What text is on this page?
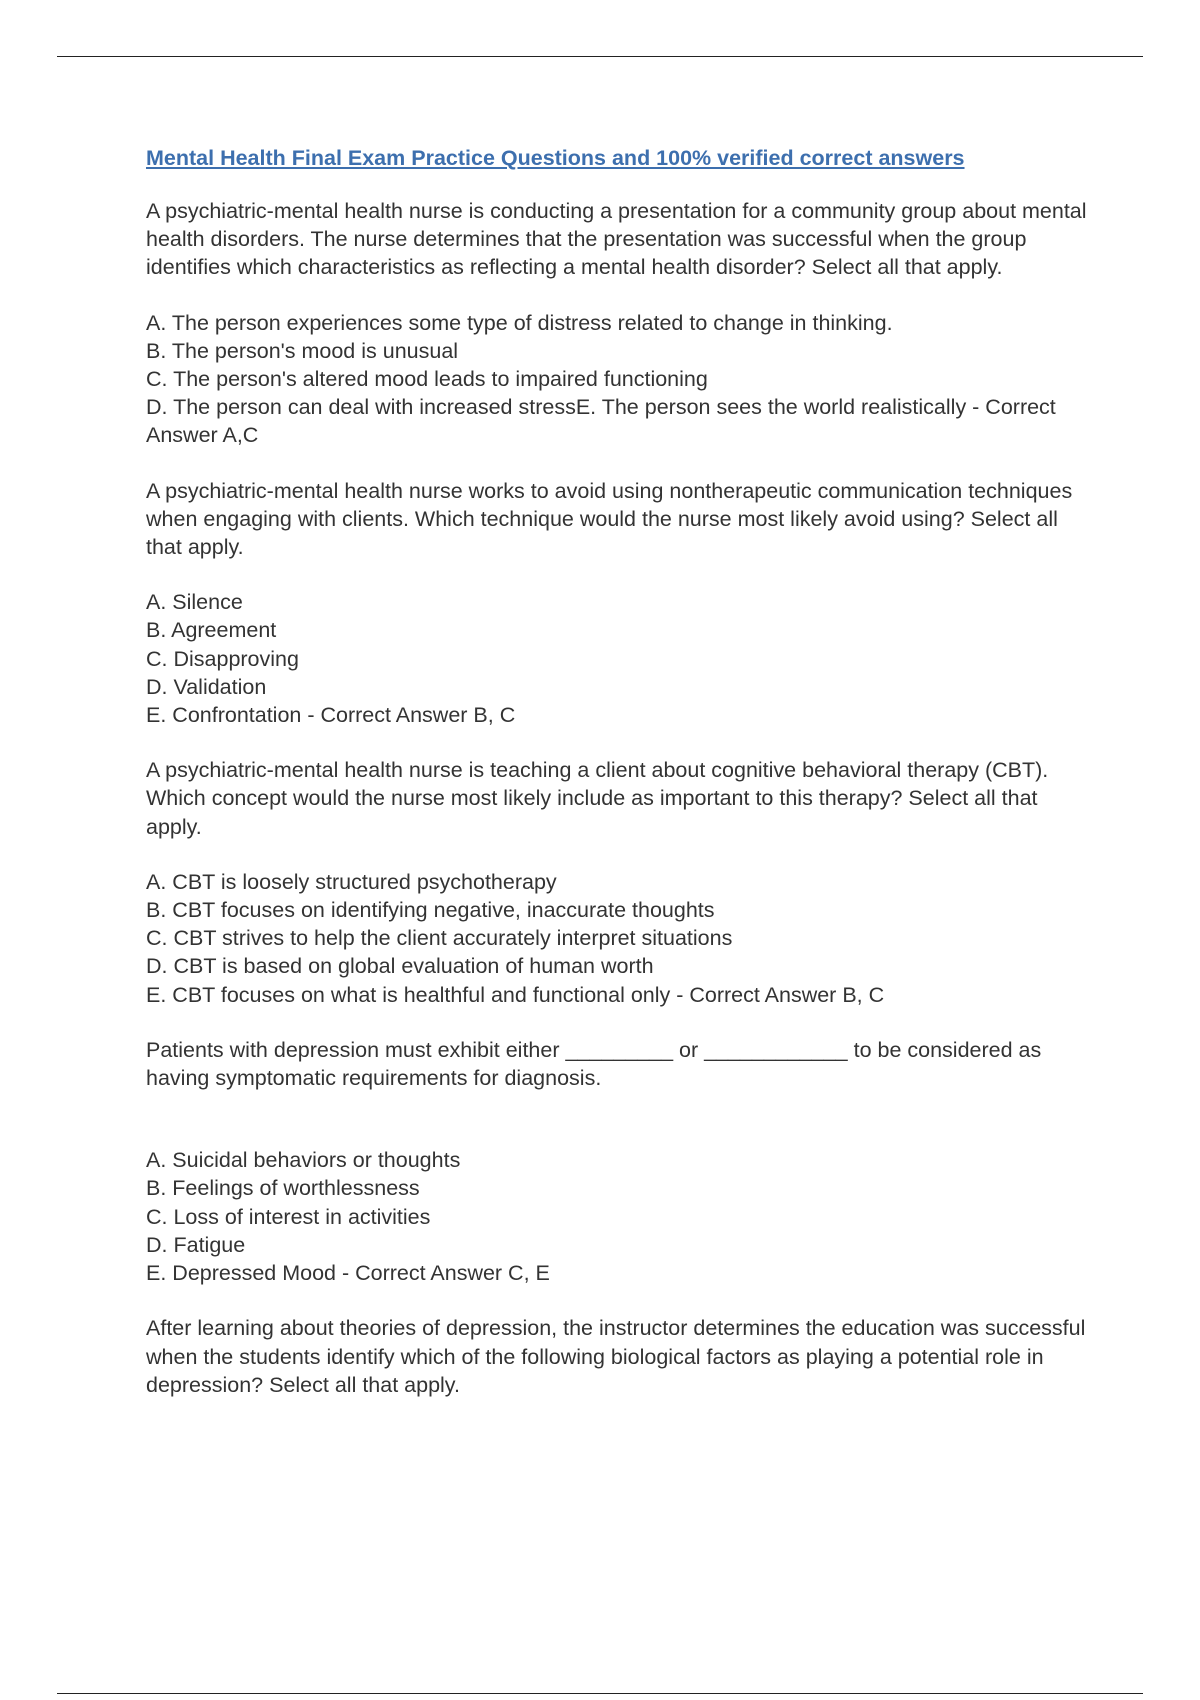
Mental Health Final Exam Practice Questions and 100% verified correct answers
A psychiatric-mental health nurse is conducting a presentation for a community group about mental health disorders. The nurse determines that the presentation was successful when the group identifies which characteristics as reflecting a mental health disorder? Select all that apply.
A. The person experiences some type of distress related to change in thinking.
B. The person's mood is unusual
C. The person's altered mood leads to impaired functioning
D. The person can deal with increased stressE. The person sees the world realistically - Correct Answer A,C
A psychiatric-mental health nurse works to avoid using nontherapeutic communication techniques when engaging with clients. Which technique would the nurse most likely avoid using? Select all that apply.
A. Silence
B. Agreement
C. Disapproving
D. Validation
E. Confrontation - Correct Answer B, C
A psychiatric-mental health nurse is teaching a client about cognitive behavioral therapy (CBT). Which concept would the nurse most likely include as important to this therapy? Select all that apply.
A. CBT is loosely structured psychotherapy
B. CBT focuses on identifying negative, inaccurate thoughts
C. CBT strives to help the client accurately interpret situations
D. CBT is based on global evaluation of human worth
E. CBT focuses on what is healthful and functional only - Correct Answer B, C
Patients with depression must exhibit either _________ or ____________ to be considered as having symptomatic requirements for diagnosis.
A. Suicidal behaviors or thoughts
B. Feelings of worthlessness
C. Loss of interest in activities
D. Fatigue
E. Depressed Mood - Correct Answer C, E
After learning about theories of depression, the instructor determines the education was successful when the students identify which of the following biological factors as playing a potential role in depression? Select all that apply.
